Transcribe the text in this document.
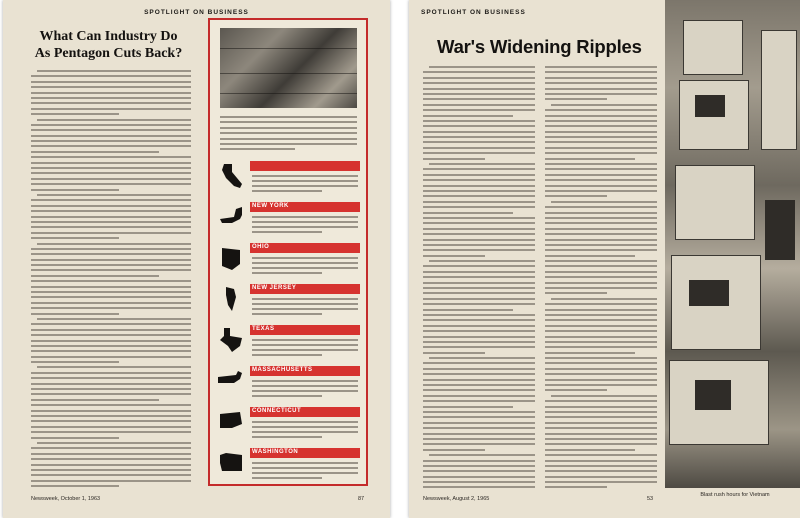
SPOTLIGHT ON BUSINESS
What Can Industry Do As Pentagon Cuts Back?
NEW YORK
OHIO
NEW JERSEY
TEXAS
MASSACHUSETTS
CONNECTICUT
WASHINGTON
Newsweek, October 1, 1963	87
SPOTLIGHT ON BUSINESS
War's Widening Ripples
Blast rush hours for Vietnam
Newsweek, August 2, 1965	53
